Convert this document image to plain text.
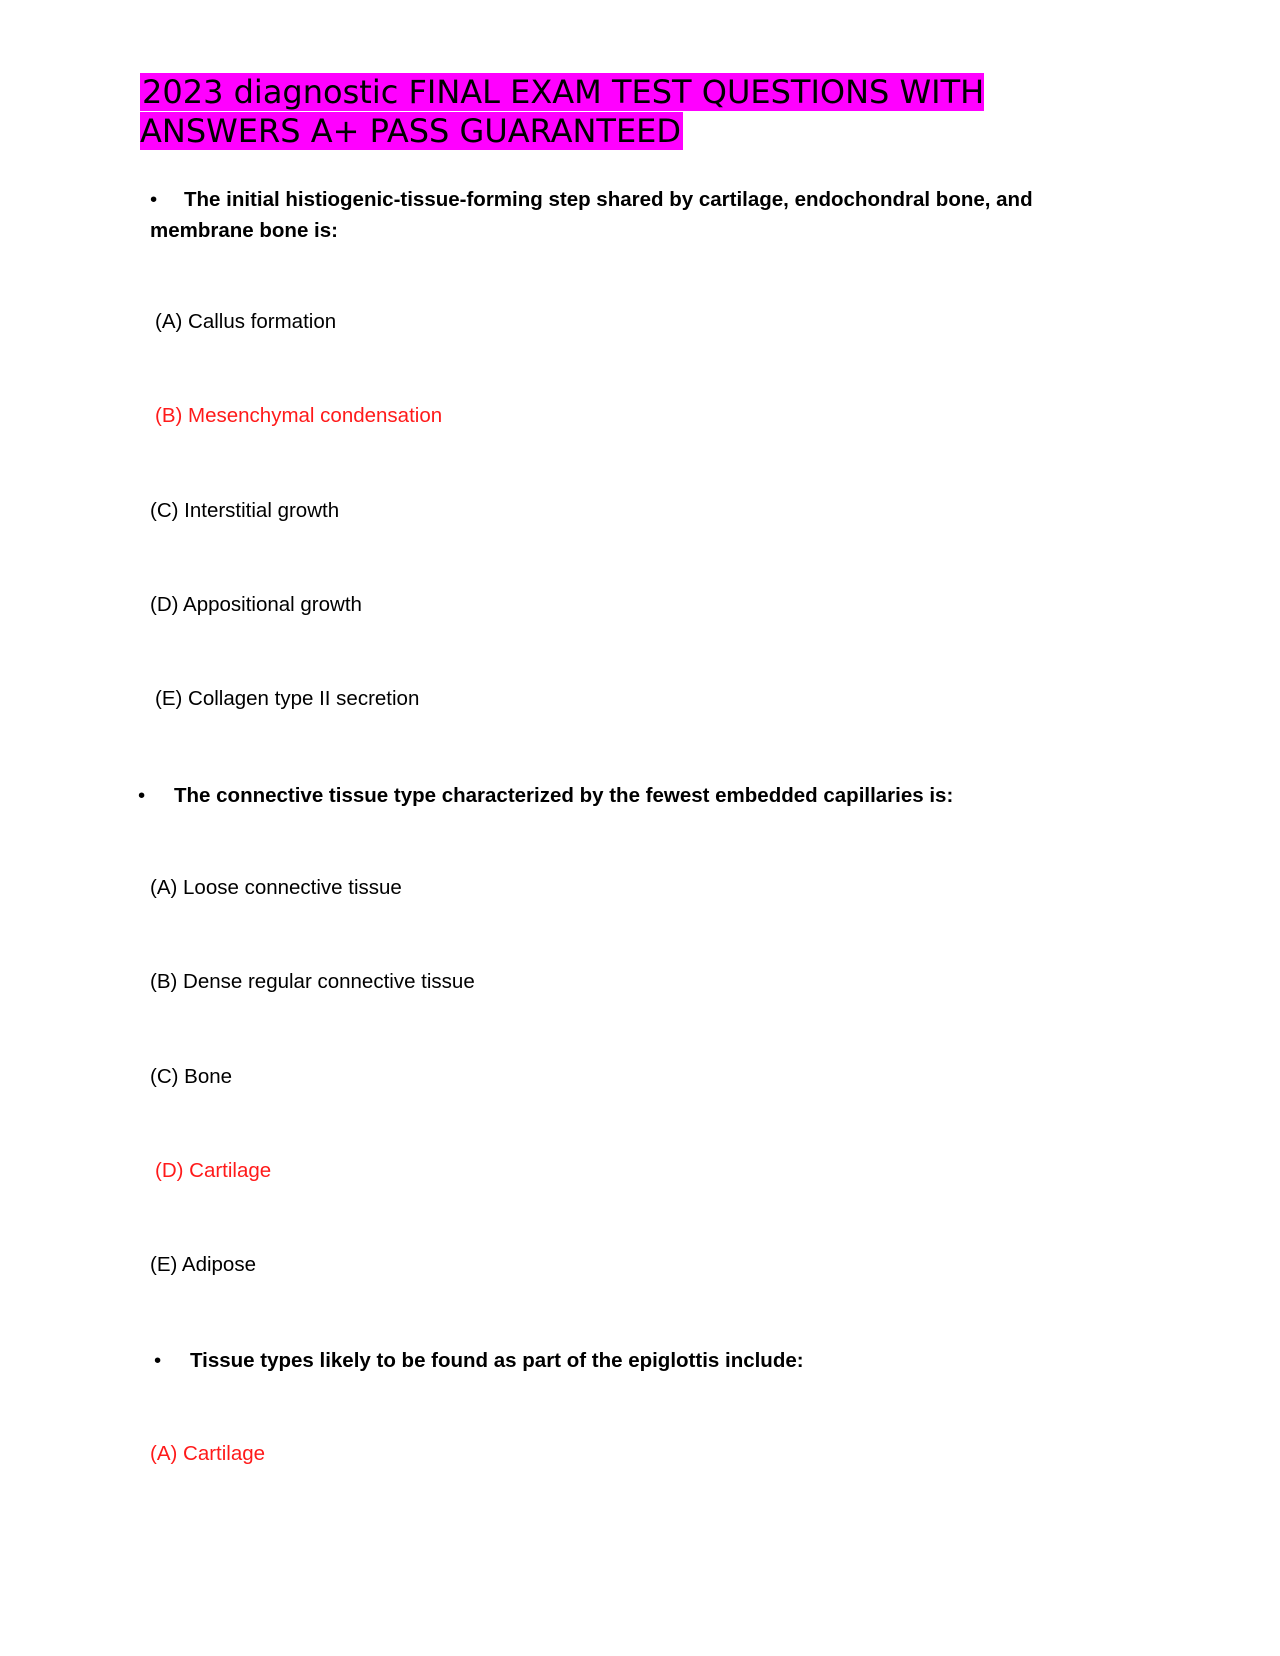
2023 diagnostic FINAL EXAM TEST QUESTIONS WITH ANSWERS A+ PASS GUARANTEED

• The initial histiogenic-tissue-forming step shared by cartilage, endochondral bone, and membrane bone is:

(A) Callus formation

(B) Mesenchymal condensation

(C) Interstitial growth

(D) Appositional growth

(E) Collagen type II secretion

• The connective tissue type characterized by the fewest embedded capillaries is:

(A) Loose connective tissue

(B) Dense regular connective tissue

(C) Bone

(D) Cartilage

(E) Adipose

• Tissue types likely to be found as part of the epiglottis include:

(A) Cartilage
